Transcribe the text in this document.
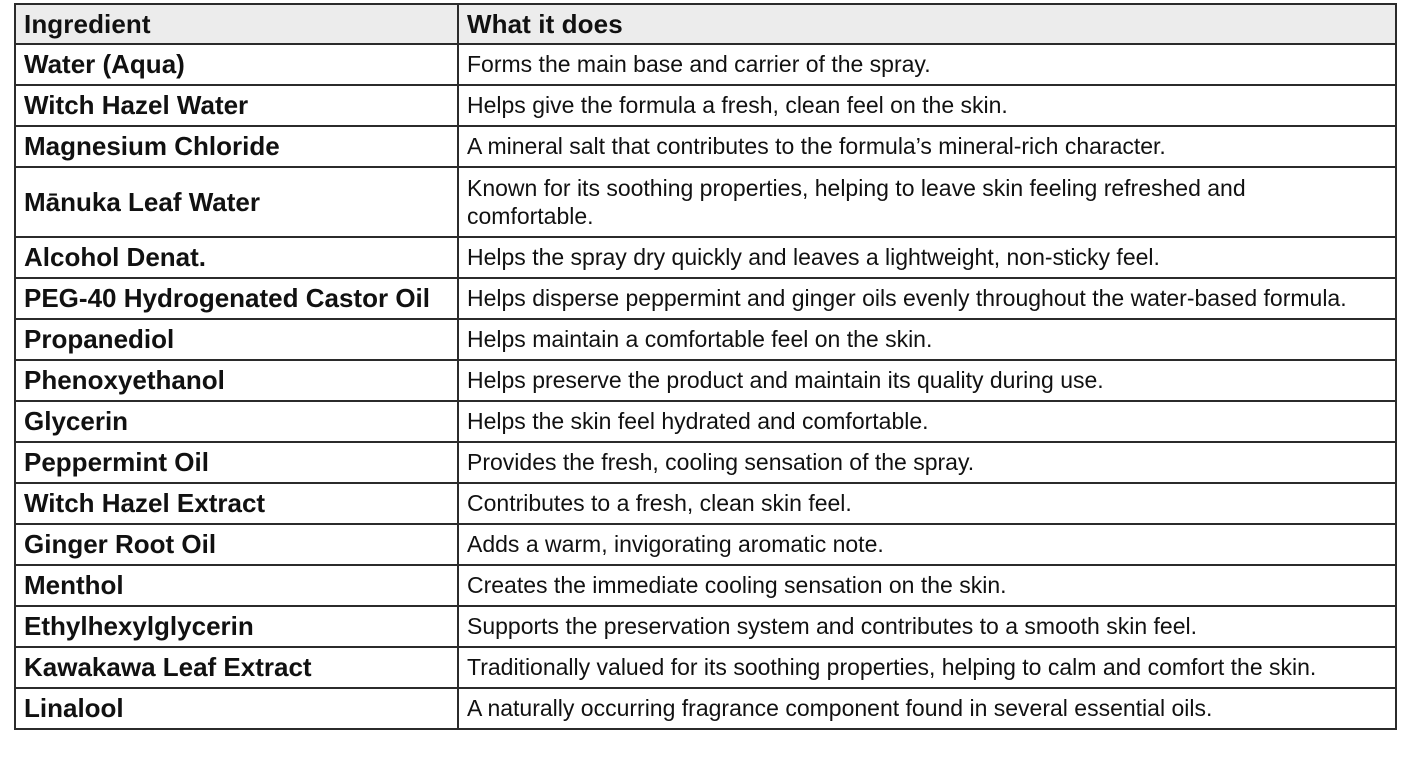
Ingredient	What it does
Water (Aqua)	Forms the main base and carrier of the spray.
Witch Hazel Water	Helps give the formula a fresh, clean feel on the skin.
Magnesium Chloride	A mineral salt that contributes to the formula’s mineral-rich character.
Mānuka Leaf Water	Known for its soothing properties, helping to leave skin feeling refreshed and comfortable.
Alcohol Denat.	Helps the spray dry quickly and leaves a lightweight, non-sticky feel.
PEG-40 Hydrogenated Castor Oil	Helps disperse peppermint and ginger oils evenly throughout the water-based formula.
Propanediol	Helps maintain a comfortable feel on the skin.
Phenoxyethanol	Helps preserve the product and maintain its quality during use.
Glycerin	Helps the skin feel hydrated and comfortable.
Peppermint Oil	Provides the fresh, cooling sensation of the spray.
Witch Hazel Extract	Contributes to a fresh, clean skin feel.
Ginger Root Oil	Adds a warm, invigorating aromatic note.
Menthol	Creates the immediate cooling sensation on the skin.
Ethylhexylglycerin	Supports the preservation system and contributes to a smooth skin feel.
Kawakawa Leaf Extract	Traditionally valued for its soothing properties, helping to calm and comfort the skin.
Linalool	A naturally occurring fragrance component found in several essential oils.
